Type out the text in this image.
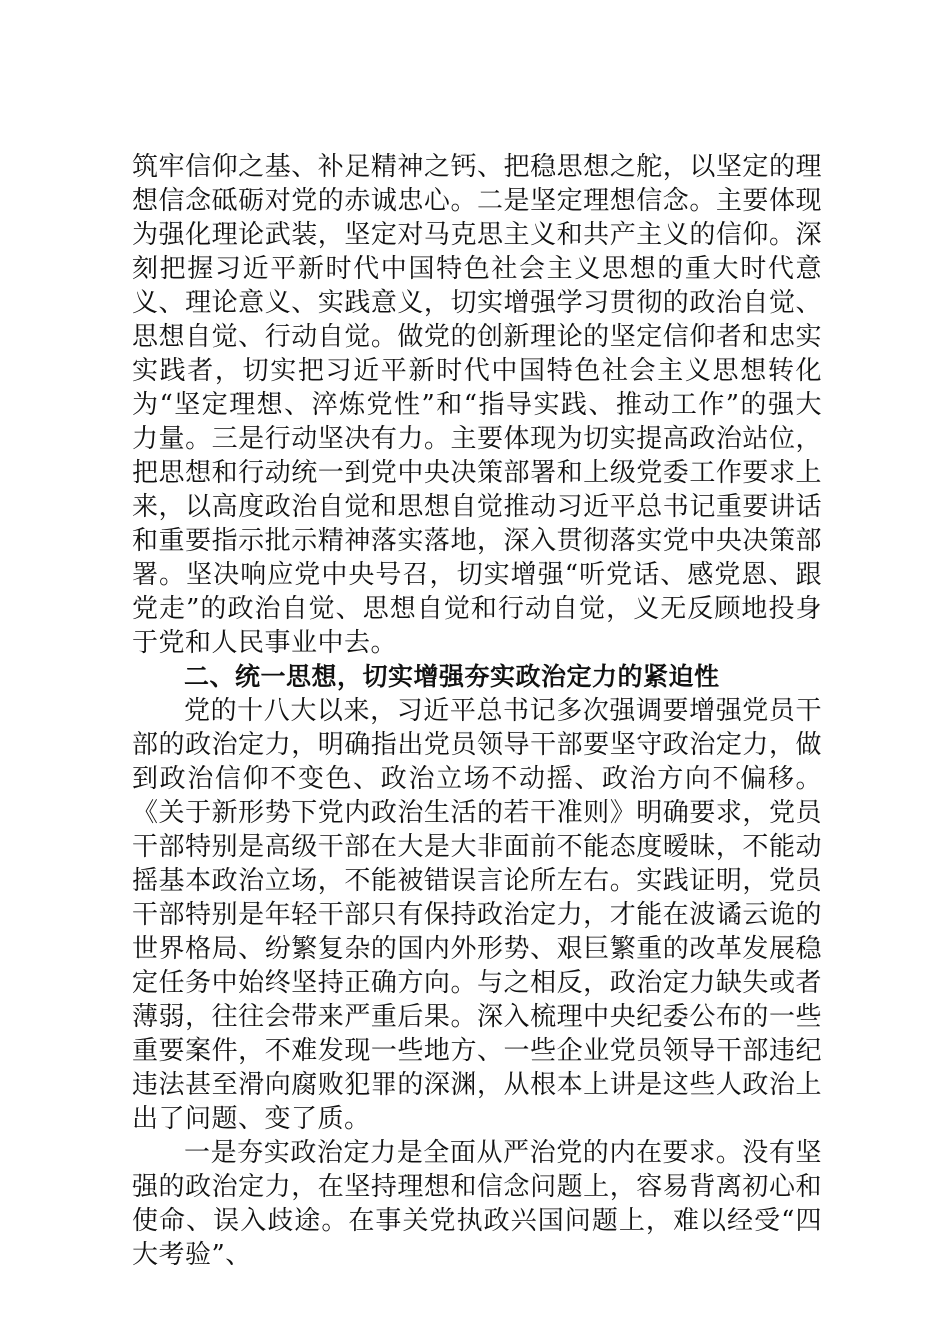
筑牢信仰之基、补足精神之钙、把稳思想之舵，以坚定的理想信念砥砺对党的赤诚忠心。二是坚定理想信念。主要体现为强化理论武装，坚定对马克思主义和共产主义的信仰。深刻把握习近平新时代中国特色社会主义思想的重大时代意义、理论意义、实践意义，切实增强学习贯彻的政治自觉、思想自觉、行动自觉。做党的创新理论的坚定信仰者和忠实实践者，切实把习近平新时代中国特色社会主义思想转化为“坚定理想、淬炼党性”和“指导实践、推动工作”的强大力量。三是行动坚决有力。主要体现为切实提高政治站位，把思想和行动统一到党中央决策部署和上级党委工作要求上来，以高度政治自觉和思想自觉推动习近平总书记重要讲话和重要指示批示精神落实落地，深入贯彻落实党中央决策部署。坚决响应党中央号召，切实增强“听党话、感党恩、跟党走”的政治自觉、思想自觉和行动自觉，义无反顾地投身于党和人民事业中去。

二、统一思想，切实增强夯实政治定力的紧迫性

党的十八大以来，习近平总书记多次强调要增强党员干部的政治定力，明确指出党员领导干部要坚守政治定力，做到政治信仰不变色、政治立场不动摇、政治方向不偏移。《关于新形势下党内政治生活的若干准则》明确要求，党员干部特别是高级干部在大是大非面前不能态度暧昧，不能动摇基本政治立场，不能被错误言论所左右。实践证明，党员干部特别是年轻干部只有保持政治定力，才能在波谲云诡的世界格局、纷繁复杂的国内外形势、艰巨繁重的改革发展稳定任务中始终坚持正确方向。与之相反，政治定力缺失或者薄弱，往往会带来严重后果。深入梳理中央纪委公布的一些重要案件，不难发现一些地方、一些企业党员领导干部违纪违法甚至滑向腐败犯罪的深渊，从根本上讲是这些人政治上出了问题、变了质。

一是夯实政治定力是全面从严治党的内在要求。没有坚强的政治定力，在坚持理想和信念问题上，容易背离初心和使命、误入歧途。在事关党执政兴国问题上，难以经受“四大考验”、
